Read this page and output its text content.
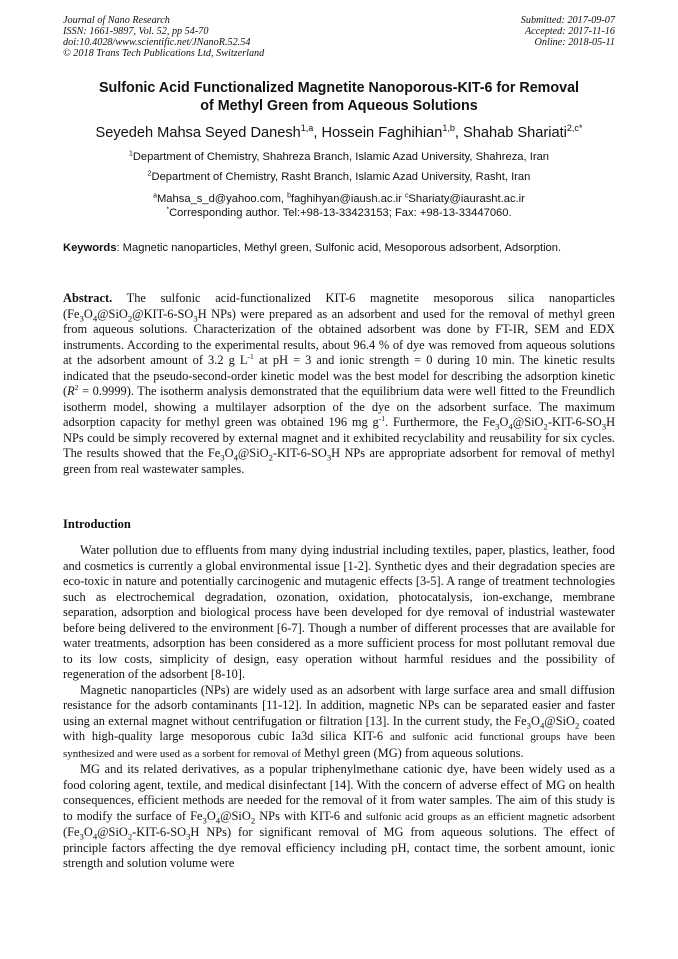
Journal of Nano Research
ISSN: 1661-9897, Vol. 52, pp 54-70
doi:10.4028/www.scientific.net/JNanoR.52.54
© 2018 Trans Tech Publications Ltd, Switzerland
Submitted: 2017-09-07
Accepted: 2017-11-16
Online: 2018-05-11
Sulfonic Acid Functionalized Magnetite Nanoporous-KIT-6 for Removal
of Methyl Green from Aqueous Solutions
Seyedeh Mahsa Seyed Danesh$^{1,a}$, Hossein Faghihian$^{1,b}$, Shahab Shariati$^{2,c*}$
$^1$Department of Chemistry, Shahreza Branch, Islamic Azad University, Shahreza, Iran
$^2$Department of Chemistry, Rasht Branch, Islamic Azad University, Rasht, Iran
$^a$Mahsa_s_d@yahoo.com, $^b$faghihyan@iaush.ac.ir $^c$Shariaty@iaurasht.ac.ir
*Corresponding author. Tel:+98-13-33423153; Fax: +98-13-33447060.
Keywords: Magnetic nanoparticles, Methyl green, Sulfonic acid, Mesoporous adsorbent, Adsorption.

Abstract. The sulfonic acid-functionalized KIT-6 magnetite mesoporous silica nanoparticles ($Fe_3O_4@SiO_2@KIT-6-SO_3H$ NPs) were prepared as an adsorbent and used for the removal of methyl green from aqueous solutions. Characterization of the obtained adsorbent was done by FT-IR, SEM and EDX instruments. According to the experimental results, about 96.4 % of dye was removed from aqueous solutions at the adsorbent amount of 3.2 g $L^{-1}$ at pH = 3 and ionic strength = 0 during 10 min. The kinetic results indicated that the pseudo-second-order kinetic model was the best model for describing the adsorption kinetic $(R^2 = 0.9999)$. The isotherm analysis demonstrated that the equilibrium data were well fitted to the Freundlich isotherm model, showing a multilayer adsorption of the dye on the adsorbent surface. The maximum adsorption capacity for methyl green was obtained 196 mg $g^{-1}$. Furthermore, the $Fe_3O_4@SiO_2-KIT-6-SO_3H$ NPs could be simply recovered by external magnet and it exhibited recyclability and reusability for six cycles. The results showed that the $Fe_3O_4@SiO_2-KIT-6-SO_3H$ NPs are appropriate adsorbent for removal of methyl green from real wastewater samples.

Introduction

Water pollution due to effluents from many dying industrial including textiles, paper, plastics, leather, food and cosmetics is currently a global environmental issue [1-2]. Synthetic dyes and their degradation species are eco-toxic in nature and potentially carcinogenic and mutagenic effects [3-5]. A range of treatment technologies such as electrochemical degradation, ozonation, oxidation, photocatalysis, ion-exchange, membrane separation, adsorption and biological process have been developed for dye removal of industrial wastewater before being delivered to the environment [6-7]. Though a number of different processes that are available for water treatments, adsorption has been considered as a more sufficient process for most pollutant removal due to its low costs, simplicity of design, easy operation without harmful residues and the possibility of regeneration of the adsorbent [8-10].

Magnetic nanoparticles (NPs) are widely used as an adsorbent with large surface area and small diffusion resistance for the adsorb contaminants [11-12]. In addition, magnetic NPs can be separated easier and faster using an external magnet without centrifugation or filtration [13]. In the current study, the $Fe_3O_4@SiO_2$ coated with high-quality large mesoporous cubic Ia3d silica KIT-6 and sulfonic acid functional groups have been synthesized and were used as a sorbent for removal of Methyl green (MG) from aqueous solutions.

MG and its related derivatives, as a popular triphenylmethane cationic dye, have been widely used as a food coloring agent, textile, and medical disinfectant [14]. With the concern of adverse effect of MG on health consequences, efficient methods are needed for the removal of it from water samples. The aim of this study is to modify the surface of $Fe_3O_4@SiO_2$ NPs with KIT-6 and sulfonic acid groups as an efficient magnetic adsorbent ($Fe_3O_4@SiO_2-KIT-6-SO_3H$ NPs) for significant removal of MG from aqueous solutions. The effect of principle factors affecting the dye removal efficiency including pH, contact time, the sorbent amount, ionic strength and solution volume were
